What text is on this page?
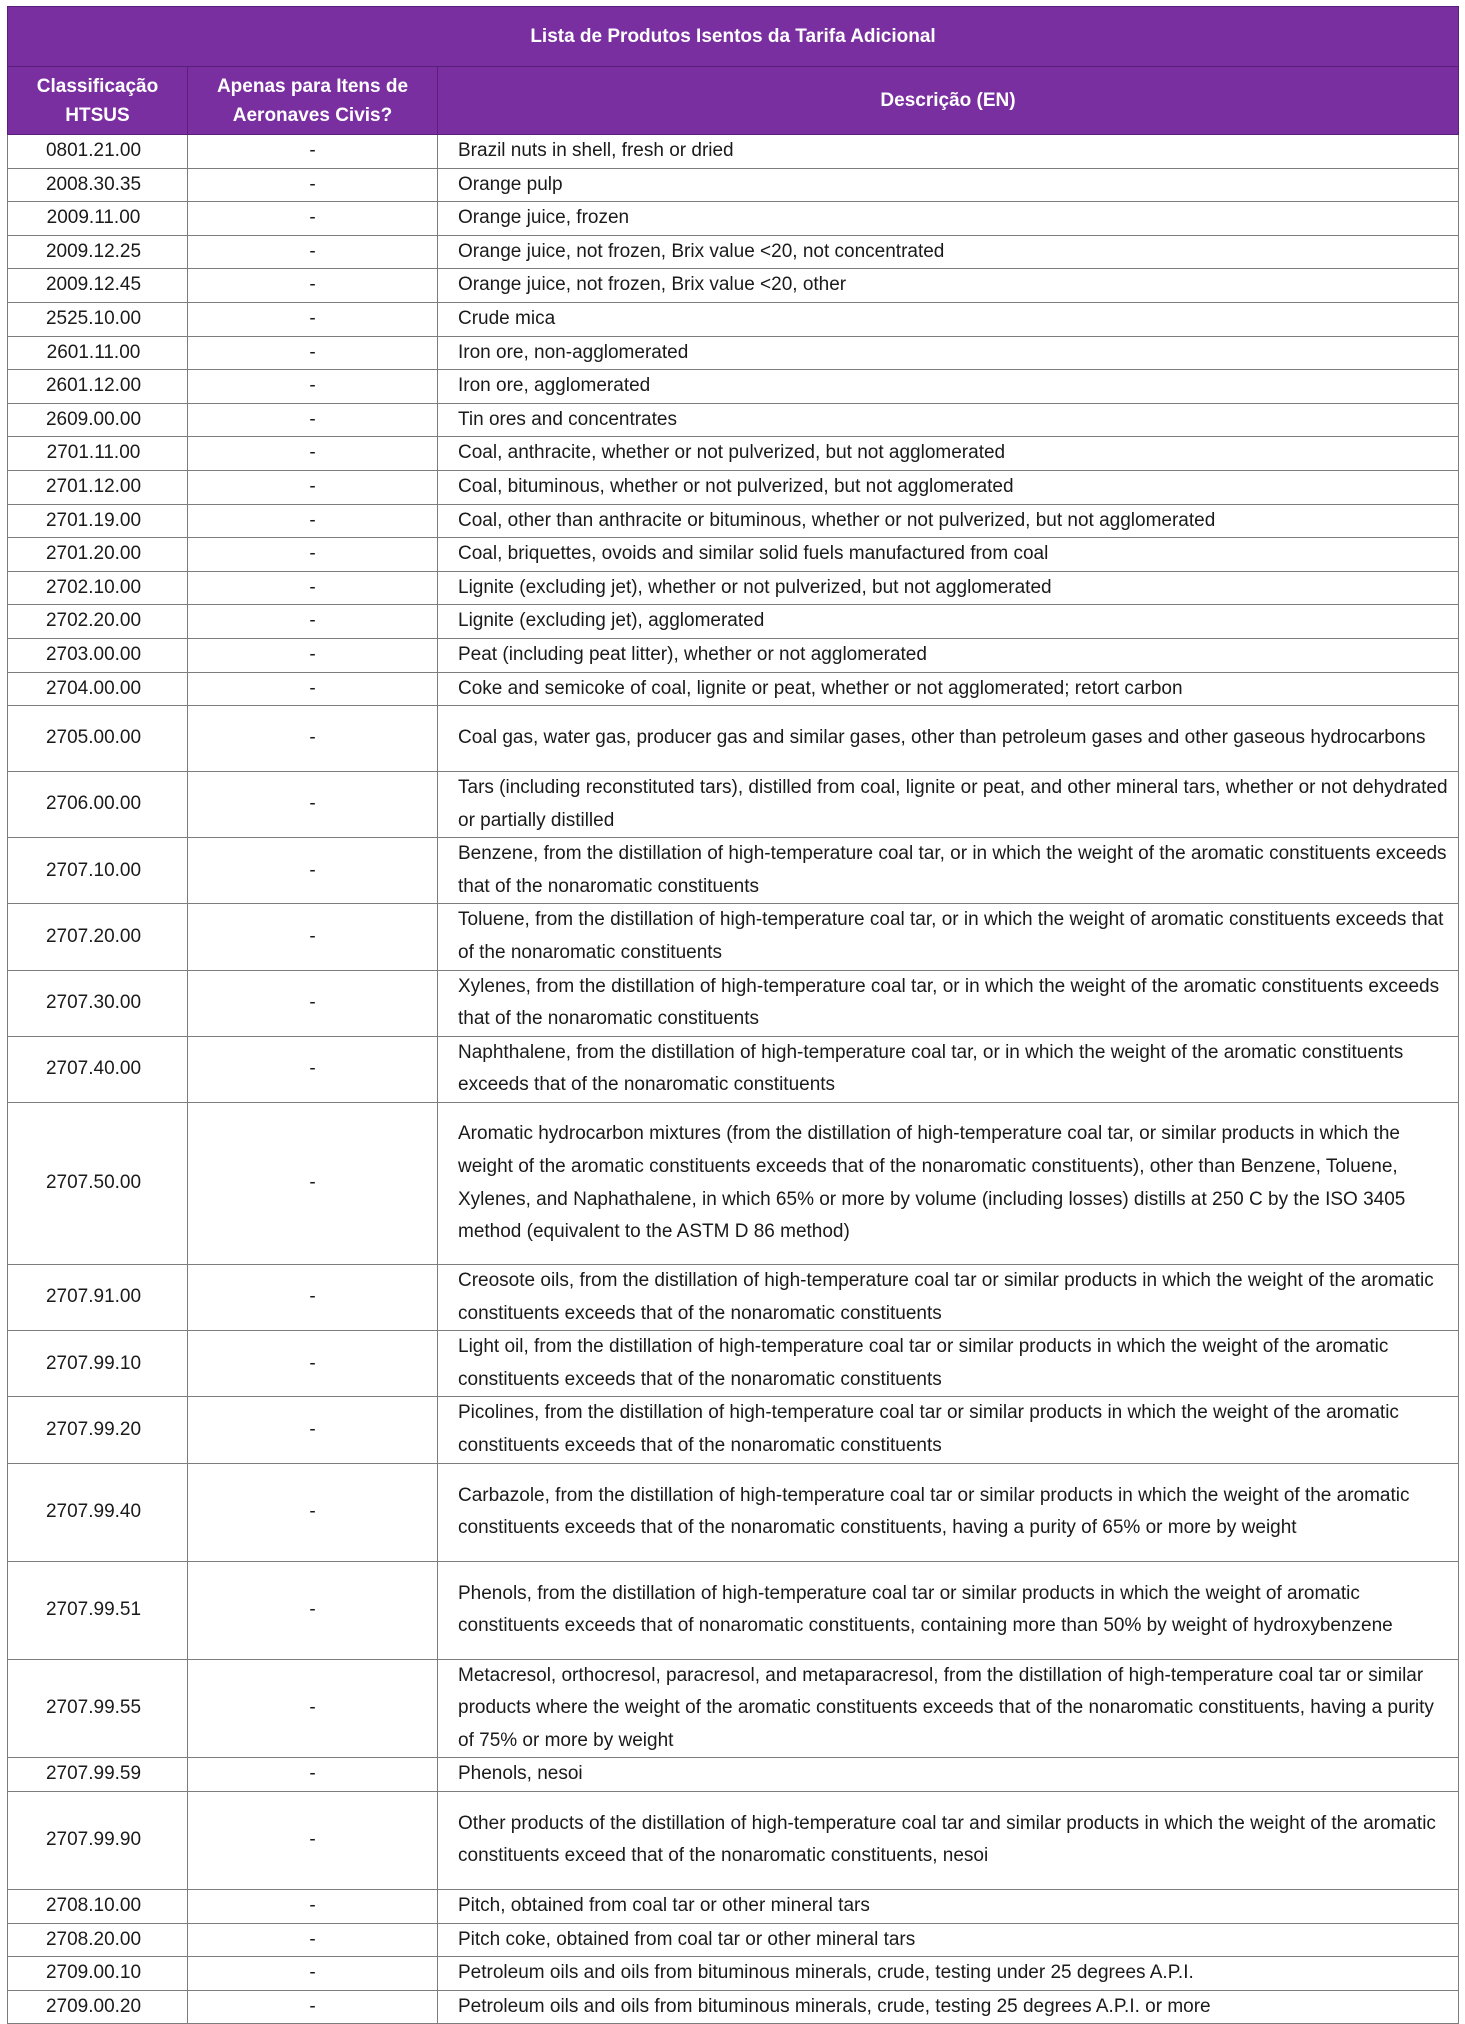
Lista de Produtos Isentos da Tarifa Adicional		
Classificação HTSUS	Apenas para Itens de Aeronaves Civis?	Descrição (EN)
0801.21.00	-	Brazil nuts in shell, fresh or dried
2008.30.35	-	Orange pulp
2009.11.00	-	Orange juice, frozen
2009.12.25	-	Orange juice, not frozen, Brix value <20, not concentrated
2009.12.45	-	Orange juice, not frozen, Brix value <20, other
2525.10.00	-	Crude mica
2601.11.00	-	Iron ore, non-agglomerated
2601.12.00	-	Iron ore, agglomerated
2609.00.00	-	Tin ores and concentrates
2701.11.00	-	Coal, anthracite, whether or not pulverized, but not agglomerated
2701.12.00	-	Coal, bituminous, whether or not pulverized, but not agglomerated
2701.19.00	-	Coal, other than anthracite or bituminous, whether or not pulverized, but not agglomerated
2701.20.00	-	Coal, briquettes, ovoids and similar solid fuels manufactured from coal
2702.10.00	-	Lignite (excluding jet), whether or not pulverized, but not agglomerated
2702.20.00	-	Lignite (excluding jet), agglomerated
2703.00.00	-	Peat (including peat litter), whether or not agglomerated
2704.00.00	-	Coke and semicoke of coal, lignite or peat, whether or not agglomerated; retort carbon
2705.00.00	-	Coal gas, water gas, producer gas and similar gases, other than petroleum gases and other gaseous hydrocarbons
2706.00.00	-	Tars (including reconstituted tars), distilled from coal, lignite or peat, and other mineral tars, whether or not dehydrated or partially distilled
2707.10.00	-	Benzene, from the distillation of high-temperature coal tar, or in which the weight of the aromatic constituents exceeds that of the nonaromatic constituents
2707.20.00	-	Toluene, from the distillation of high-temperature coal tar, or in which the weight of aromatic constituents exceeds that of the nonaromatic constituents
2707.30.00	-	Xylenes, from the distillation of high-temperature coal tar, or in which the weight of the aromatic constituents exceeds that of the nonaromatic constituents
2707.40.00	-	Naphthalene, from the distillation of high-temperature coal tar, or in which the weight of the aromatic constituents exceeds that of the nonaromatic constituents
2707.50.00	-	Aromatic hydrocarbon mixtures (from the distillation of high-temperature coal tar, or similar products in which the weight of the aromatic constituents exceeds that of the nonaromatic constituents), other than Benzene, Toluene, Xylenes, and Naphathalene, in which 65% or more by volume (including losses) distills at 250 C by the ISO 3405 method (equivalent to the ASTM D 86 method)
2707.91.00	-	Creosote oils, from the distillation of high-temperature coal tar or similar products in which the weight of the aromatic constituents exceeds that of the nonaromatic constituents
2707.99.10	-	Light oil, from the distillation of high-temperature coal tar or similar products in which the weight of the aromatic constituents exceeds that of the nonaromatic constituents
2707.99.20	-	Picolines, from the distillation of high-temperature coal tar or similar products in which the weight of the aromatic constituents exceeds that of the nonaromatic constituents
2707.99.40	-	Carbazole, from the distillation of high-temperature coal tar or similar products in which the weight of the aromatic constituents exceeds that of the nonaromatic constituents, having a purity of 65% or more by weight
2707.99.51	-	Phenols, from the distillation of high-temperature coal tar or similar products in which the weight of aromatic constituents exceeds that of nonaromatic constituents, containing more than 50% by weight of hydroxybenzene
2707.99.55	-	Metacresol, orthocresol, paracresol, and metaparacresol, from the distillation of high-temperature coal tar or similar products where the weight of the aromatic constituents exceeds that of the nonaromatic constituents, having a purity of 75% or more by weight
2707.99.59	-	Phenols, nesoi
2707.99.90	-	Other products of the distillation of high-temperature coal tar and similar products in which the weight of the aromatic constituents exceed that of the nonaromatic constituents, nesoi
2708.10.00	-	Pitch, obtained from coal tar or other mineral tars
2708.20.00	-	Pitch coke, obtained from coal tar or other mineral tars
2709.00.10	-	Petroleum oils and oils from bituminous minerals, crude, testing under 25 degrees A.P.I.
2709.00.20	-	Petroleum oils and oils from bituminous minerals, crude, testing 25 degrees A.P.I. or more
